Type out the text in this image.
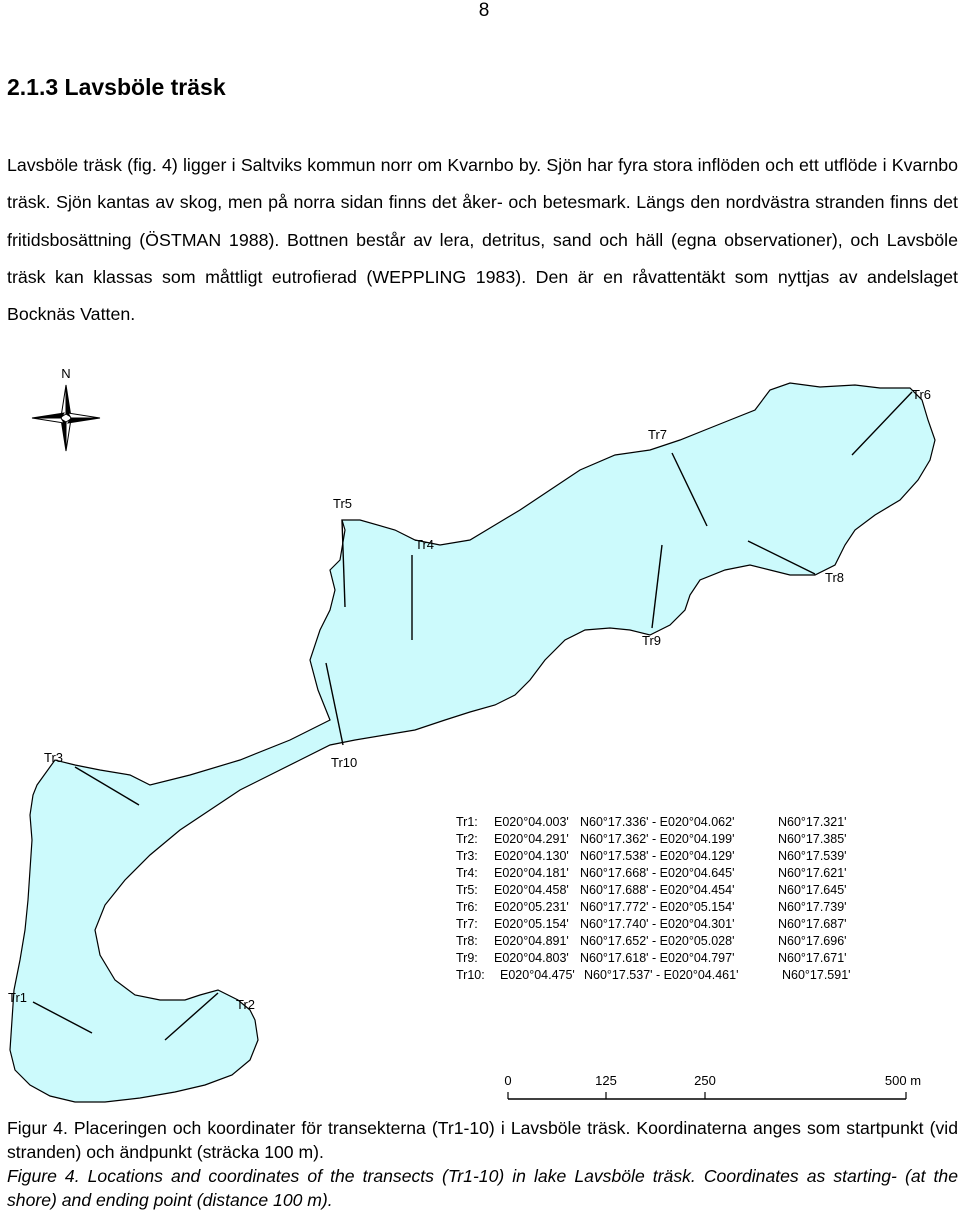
8
2.1.3 Lavsböle träsk

Lavsböle träsk (fig. 4) ligger i Saltviks kommun norr om Kvarnbo by. Sjön har fyra stora inflöden och ett utflöde i Kvarnbo träsk. Sjön kantas av skog, men på norra sidan finns det åker- och betesmark. Längs den nordvästra stranden finns det fritidsbosättning (ÖSTMAN 1988). Bottnen består av lera, detritus, sand och häll (egna observationer), och Lavsböle träsk kan klassas som måttligt eutrofierad (WEPPLING 1983). Den är en råvattentäkt som nyttjas av andelslaget Bocknäs Vatten.

N
Tr1	Tr2
Tr3
Tr4
Tr5
Tr6
Tr7
Tr8
Tr9
Tr10
Tr1: E020°04.003' N60°17.336' - E020°04.062'	N60°17.321'
Tr2: E020°04.291' N60°17.362' - E020°04.199'	N60°17.385'
Tr3: E020°04.130' N60°17.538' - E020°04.129'	N60°17.539'
Tr4: E020°04.181' N60°17.668' - E020°04.645'	N60°17.621'
Tr5: E020°04.458' N60°17.688' - E020°04.454'	N60°17.645'
Tr6: E020°05.231' N60°17.772' - E020°05.154'	N60°17.739'
Tr7: E020°05.154' N60°17.740' - E020°04.301'	N60°17.687'
Tr8: E020°04.891' N60°17.652' - E020°05.028'	N60°17.696'
Tr9: E020°04.803' N60°17.618' - E020°04.797'	N60°17.671'
Tr10: E020°04.475' N60°17.537' - E020°04.461'	N60°17.591'
0	125	250	500 m

Figur 4. Placeringen och koordinater för transekterna (Tr1-10) i Lavsböle träsk. Koordinaterna anges som startpunkt (vid stranden) och ändpunkt (sträcka 100 m).

Figure 4. Locations and coordinates of the transects (Tr1-10) in lake Lavsböle träsk. Coordinates as starting- (at the shore) and ending point (distance 100 m).
